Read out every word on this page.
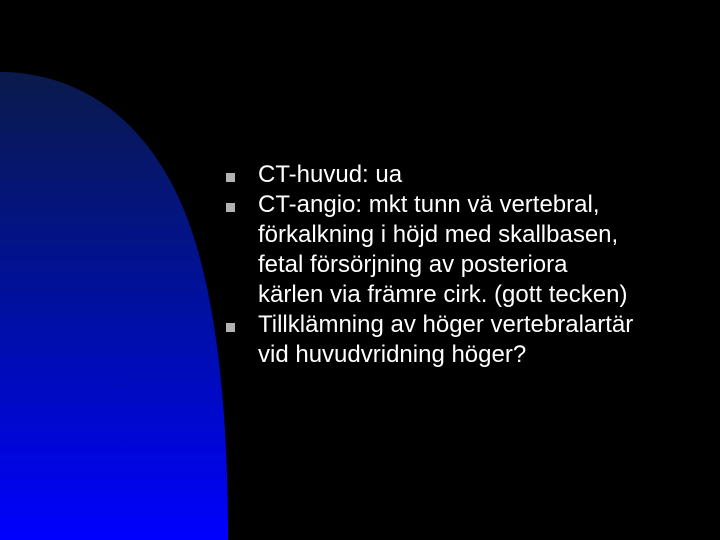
CT-huvud: ua
CT-angio: mkt tunn vä vertebral,
förkalkning i höjd med skallbasen,
fetal försörjning av posteriora
kärlen via främre cirk. (gott tecken)
Tillklämning av höger vertebralartär
vid huvudvridning höger?
